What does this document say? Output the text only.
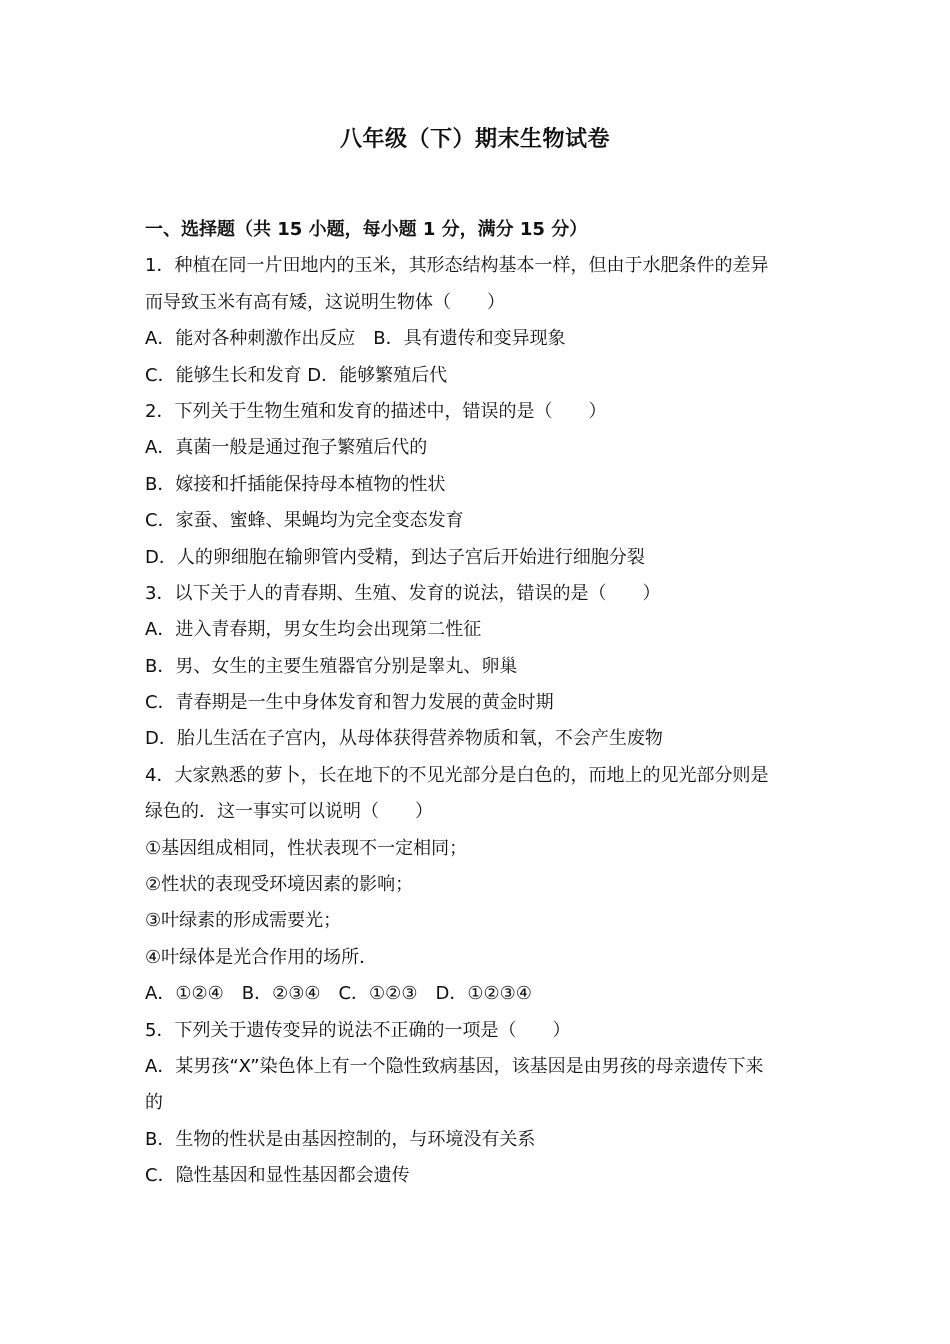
八年级（下）期末生物试卷
一、选择题（共 15 小题，每小题 1 分，满分 15 分）
1．种植在同一片田地内的玉米，其形态结构基本一样，但由于水肥条件的差异
而导致玉米有高有矮，这说明生物体（　　）
A．能对各种刺激作出反应　B．具有遗传和变异现象
C．能够生长和发育 D．能够繁殖后代
2．下列关于生物生殖和发育的描述中，错误的是（　　）
A．真菌一般是通过孢子繁殖后代的
B．嫁接和扦插能保持母本植物的性状
C．家蚕、蜜蜂、果蝇均为完全变态发育
D．人的卵细胞在输卵管内受精，到达子宫后开始进行细胞分裂
3．以下关于人的青春期、生殖、发育的说法，错误的是（　　）
A．进入青春期，男女生均会出现第二性征
B．男、女生的主要生殖器官分别是睾丸、卵巢
C．青春期是一生中身体发育和智力发展的黄金时期
D．胎儿生活在子宫内，从母体获得营养物质和氧，不会产生废物
4．大家熟悉的萝卜，长在地下的不见光部分是白色的，而地上的见光部分则是
绿色的．这一事实可以说明（　　）
①基因组成相同，性状表现不一定相同；
②性状的表现受环境因素的影响；
③叶绿素的形成需要光；
④叶绿体是光合作用的场所．
A．①②④　B．②③④　C．①②③　D．①②③④
5．下列关于遗传变异的说法不正确的一项是（　　）
A．某男孩“X”染色体上有一个隐性致病基因，该基因是由男孩的母亲遗传下来
的
B．生物的性状是由基因控制的，与环境没有关系
C．隐性基因和显性基因都会遗传
